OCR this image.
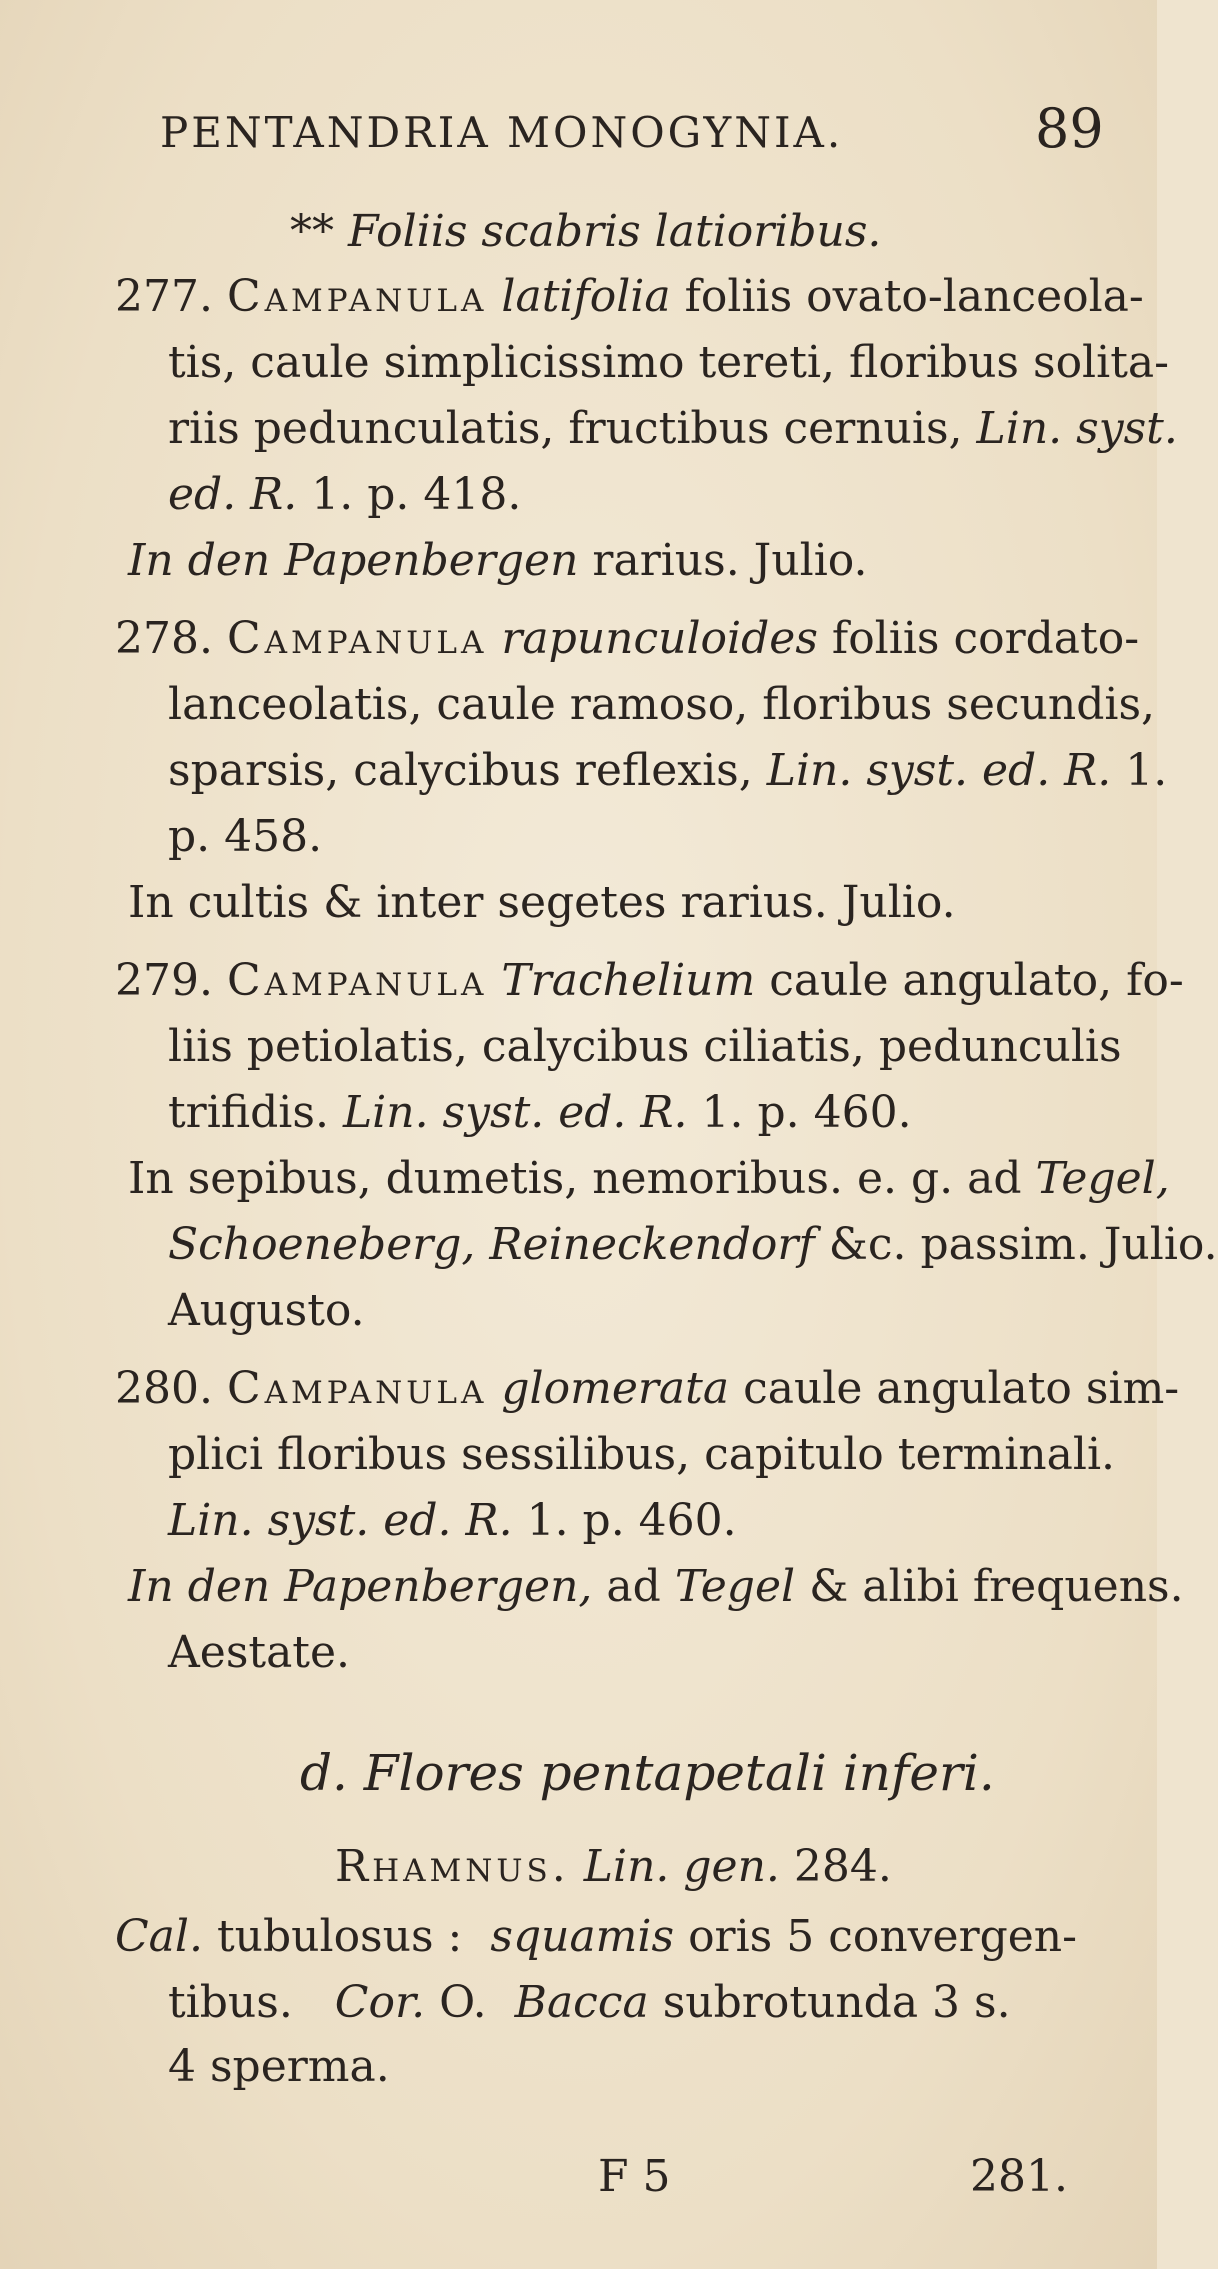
PENTANDRIA MONOGYNIA.	89
** Foliis scabris latioribus.
277. Campanula latifolia foliis ovato-lanceola-
tis, caule simplicissimo tereti, floribus solita-
riis pedunculatis, fructibus cernuis, Lin. syst.
ed. R. 1. p. 418.
In den Papenbergen rarius. Julio.
278. Campanula rapunculoides foliis cordato-
lanceolatis, caule ramoso, floribus secundis,
sparsis, calycibus reflexis, Lin. syst. ed. R. 1.
p. 458.
In cultis & inter segetes rarius. Julio.
279. Campanula Trachelium caule angulato, fo-
liis petiolatis, calycibus ciliatis, pedunculis
trifidis. Lin. syst. ed. R. 1. p. 460.
In sepibus, dumetis, nemoribus. e. g. ad Tegel,
Schoeneberg, Reineckendorf &c. passim. Julio.
Augusto.
280. Campanula glomerata caule angulato sim-
plici floribus sessilibus, capitulo terminali.
Lin. syst. ed. R. 1. p. 460.
In den Papenbergen, ad Tegel & alibi frequens.
Aestate.
d. Flores pentapetali inferi.
Rhamnus. Lin. gen. 284.
Cal. tubulosus : squamis oris 5 convergen-
tibus. Cor. O. Bacca subrotunda 3 s.
4 sperma.
F 5	281.
